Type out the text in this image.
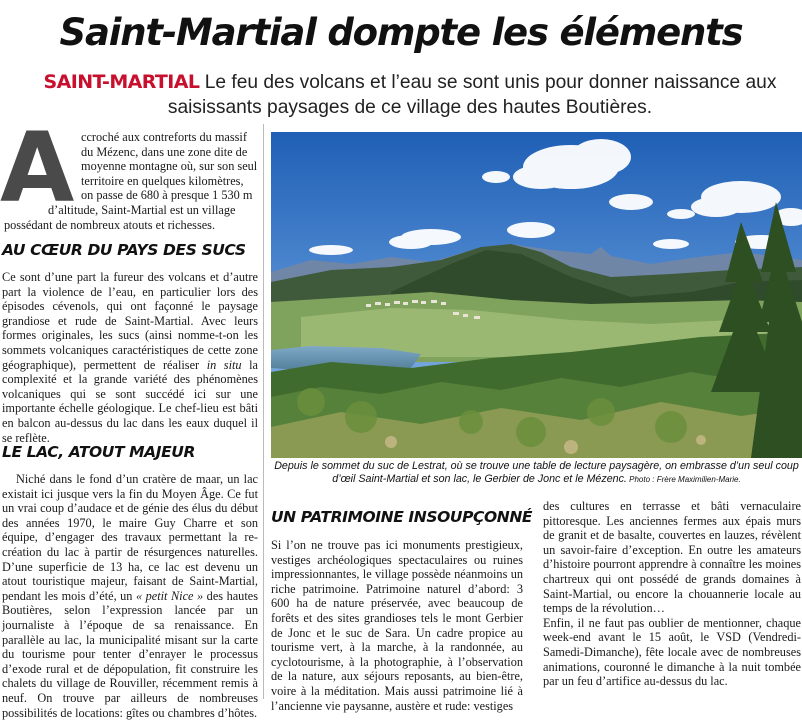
Saint-Martial dompte les éléments
SAINT-MARTIAL Le feu des volcans et l’eau se sont unis pour donner naissance aux saisissants paysages de ce village des hautes Boutières.
A ccroché aux contreforts du massif
du Mézenc, dans une zone dite de
moyenne montagne où, sur son seul
territoire en quelques kilomètres,
on passe de 680 à presque 1 530 m
d’altitude, Saint-Martial est un village
possédant de nombreux atouts et richesses.
AU CŒUR DU PAYS DES SUCS
Ce sont d’une part la fureur des volcans et d’autre part la violence de l’eau, en particulier lors des épisodes cévenols, qui ont façonné le paysage grandiose et rude de Saint-Martial. Avec leurs formes originales, les sucs (ainsi nomme-t-on les sommets volcaniques caractéristiques de cette zone géographique), permettent de réaliser in situ la complexité et la grande variété des phénomènes volcaniques qui se sont succédé ici sur une importante échelle géologique. Le chef-lieu est bâti en balcon au-dessus du lac dans les eaux duquel il se reflète.
LE LAC, ATOUT MAJEUR
Niché dans le fond d’un cratère de maar, un lac existait ici jusque vers la fin du Moyen Âge. Ce fut un vrai coup d’audace et de génie des élus du début des années 1970, le maire Guy Charre et son équipe, d’engager des travaux permettant la re-création du lac à partir de résurgences naturelles. D’une superficie de 13 ha, ce lac est devenu un atout touristique majeur, faisant de Saint-Martial, pendant les mois d’été, un « petit Nice » des hautes Boutières, selon l’expression lancée par un journaliste à l’époque de sa renaissance. En parallèle au lac, la municipalité misant sur la carte du tourisme pour tenter d’enrayer le processus d’exode rural et de dépopulation, fit construire les chalets du village de Rouviller, récemment remis à neuf. On trouve par ailleurs de nombreuses possibilités de locations: gîtes ou chambres d’hôtes.
Depuis le sommet du suc de Lestrat, où se trouve une table de lecture paysagère, on embrasse d’un seul coup d’œil Saint-Martial et son lac, le Gerbier de Jonc et le Mézenc. Photo : Frère Maximilien-Marie.
UN PATRIMOINE INSOUPÇONNÉ
Si l’on ne trouve pas ici monuments prestigieux, vestiges archéologiques spectaculaires ou ruines impressionnantes, le village possède néanmoins un riche patrimoine. Patrimoine naturel d’abord: 3 600 ha de nature préservée, avec beaucoup de forêts et des sites grandioses tels le mont Gerbier de Jonc et le suc de Sara. Un cadre propice au tourisme vert, à la marche, à la randonnée, au cyclotourisme, à la photographie, à l’observation de la nature, aux séjours reposants, au bien-être, voire à la méditation. Mais aussi patrimoine lié à l’ancienne vie paysanne, austère et rude: vestiges
des cultures en terrasse et bâti vernaculaire pittoresque. Les anciennes fermes aux épais murs de granit et de basalte, couvertes en lauzes, révèlent un savoir-faire d’exception. En outre les amateurs d’histoire pourront apprendre à connaître les moines chartreux qui ont possédé de grands domaines à Saint-Martial, ou encore la chouannerie locale au temps de la révolution…
Enfin, il ne faut pas oublier de mentionner, chaque week-end avant le 15 août, le VSD (Vendredi-Samedi-Dimanche), fête locale avec de nombreuses animations, couronné le dimanche à la nuit tombée par un feu d’artifice au-dessus du lac.
